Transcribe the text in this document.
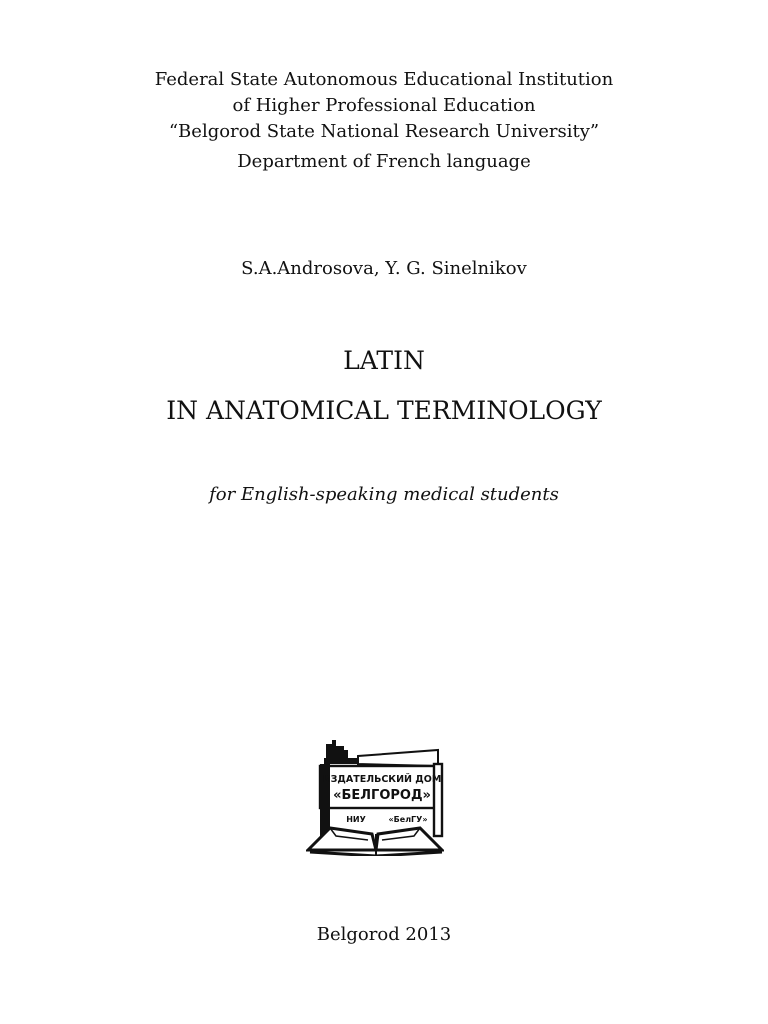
Federal State Autonomous Educational Institution
of Higher Professional Education
“Belgorod State National Research University”
Department of French language
S.A.Androsova, Y. G. Sinelnikov
LATIN
IN ANATOMICAL TERMINOLOGY
for English-speaking medical students
ИЗДАТЕЛЬСКИЙ ДОМ
«БЕЛГОРОД»
НИУ	«БелГУ»
Belgorod 2013
